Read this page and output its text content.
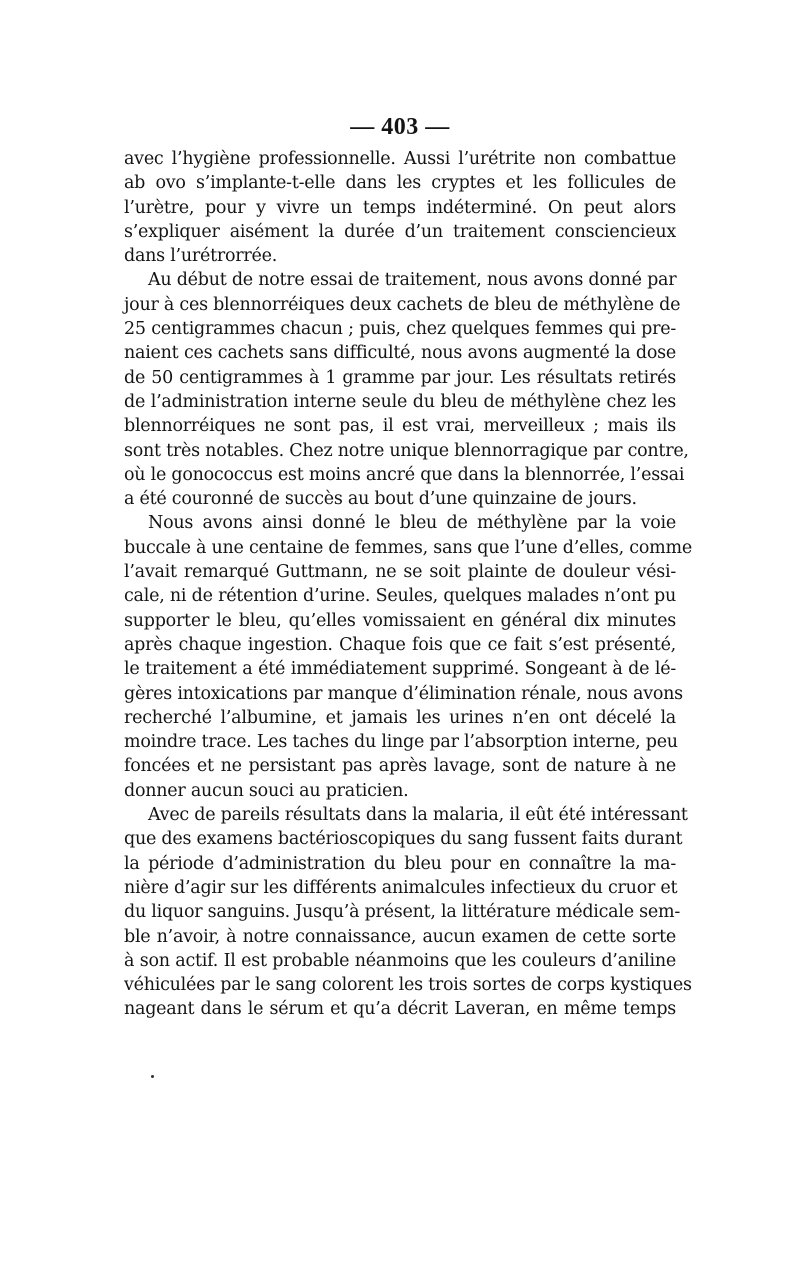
— 403 —
avec l’hygiène professionnelle. Aussi l’urétrite non combattue
ab ovo s’implante-t-elle dans les cryptes et les follicules de
l’urètre, pour y vivre un temps indéterminé. On peut alors
s’expliquer aisément la durée d’un traitement consciencieux
dans l’urétrorrée.
Au début de notre essai de traitement, nous avons donné par
jour à ces blennorréiques deux cachets de bleu de méthylène de
25 centigrammes chacun ; puis, chez quelques femmes qui pre-
naient ces cachets sans difficulté, nous avons augmenté la dose
de 50 centigrammes à 1 gramme par jour. Les résultats retirés
de l’administration interne seule du bleu de méthylène chez les
blennorréiques ne sont pas, il est vrai, merveilleux ; mais ils
sont très notables. Chez notre unique blennorragique par contre,
où le gonococcus est moins ancré que dans la blennorrée, l’essai
a été couronné de succès au bout d’une quinzaine de jours.
Nous avons ainsi donné le bleu de méthylène par la voie
buccale à une centaine de femmes, sans que l’une d’elles, comme
l’avait remarqué Guttmann, ne se soit plainte de douleur vési-
cale, ni de rétention d’urine. Seules, quelques malades n’ont pu
supporter le bleu, qu’elles vomissaient en général dix minutes
après chaque ingestion. Chaque fois que ce fait s’est présenté,
le traitement a été immédiatement supprimé. Songeant à de lé-
gères intoxications par manque d’élimination rénale, nous avons
recherché l’albumine, et jamais les urines n’en ont décelé la
moindre trace. Les taches du linge par l’absorption interne, peu
foncées et ne persistant pas après lavage, sont de nature à ne
donner aucun souci au praticien.
Avec de pareils résultats dans la malaria, il eût été intéressant
que des examens bactérioscopiques du sang fussent faits durant
la période d’administration du bleu pour en connaître la ma-
nière d’agir sur les différents animalcules infectieux du cruor et
du liquor sanguins. Jusqu’à présent, la littérature médicale sem-
ble n’avoir, à notre connaissance, aucun examen de cette sorte
à son actif. Il est probable néanmoins que les couleurs d’aniline
véhiculées par le sang colorent les trois sortes de corps kystiques
nageant dans le sérum et qu’a décrit Laveran, en même temps
